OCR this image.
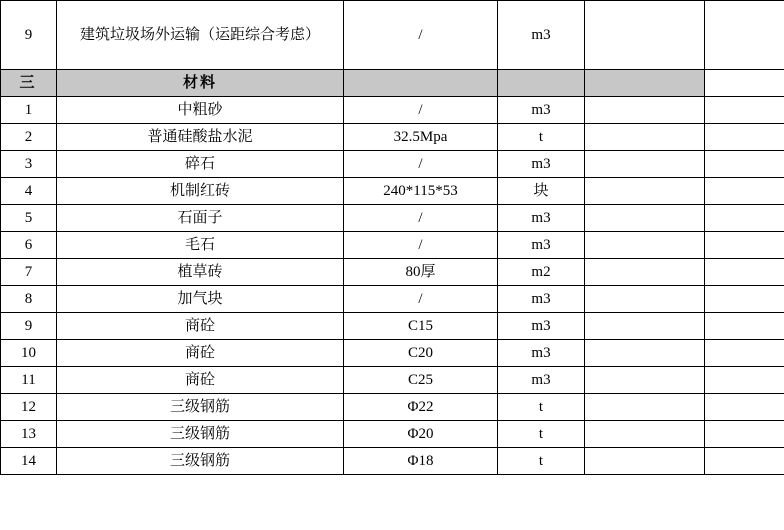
9	建筑垃圾场外运输（运距综合考虑）	/	m3		
三	材料				
1	中粗砂	/	m3		
2	普通硅酸盐水泥	32.5Mpa	t		
3	碎石	/	m3		
4	机制红砖	240*115*53	块		
5	石面子	/	m3		
6	毛石	/	m3		
7	植草砖	80厚	m2		
8	加气块	/	m3		
9	商砼	C15	m3		
10	商砼	C20	m3		
11	商砼	C25	m3		
12	三级钢筋	Φ22	t		
13	三级钢筋	Φ20	t		

14	三级钢筋	Φ18	t		
